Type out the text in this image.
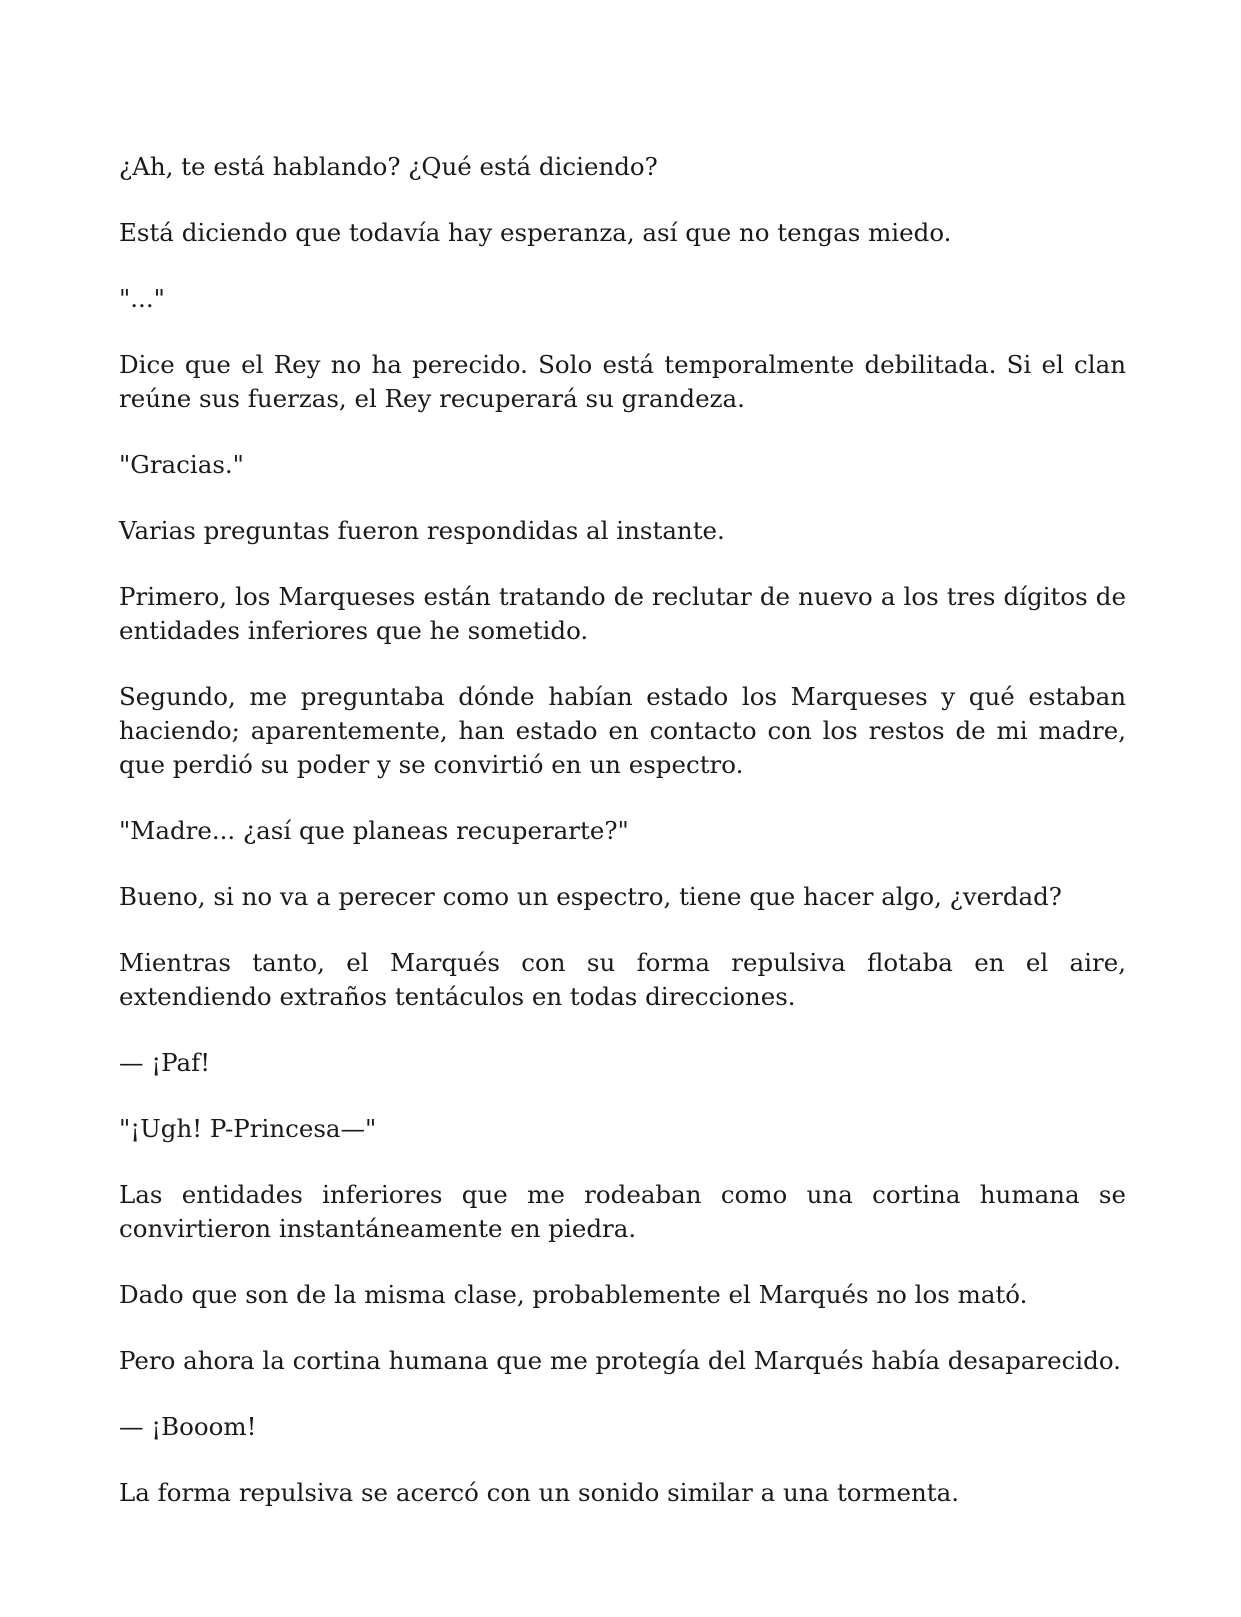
¿Ah, te está hablando? ¿Qué está diciendo?

Está diciendo que todavía hay esperanza, así que no tengas miedo.

"..."

Dice que el Rey no ha perecido. Solo está temporalmente debilitada. Si el clan reúne sus fuerzas, el Rey recuperará su grandeza.

"Gracias."

Varias preguntas fueron respondidas al instante.

Primero, los Marqueses están tratando de reclutar de nuevo a los tres dígitos de entidades inferiores que he sometido.

Segundo, me preguntaba dónde habían estado los Marqueses y qué estaban haciendo; aparentemente, han estado en contacto con los restos de mi madre, que perdió su poder y se convirtió en un espectro.

"Madre... ¿así que planeas recuperarte?"

Bueno, si no va a perecer como un espectro, tiene que hacer algo, ¿verdad?

Mientras tanto, el Marqués con su forma repulsiva flotaba en el aire, extendiendo extraños tentáculos en todas direcciones.

— ¡Paf!

"¡Ugh! P-Princesa—"

Las entidades inferiores que me rodeaban como una cortina humana se convirtieron instantáneamente en piedra.

Dado que son de la misma clase, probablemente el Marqués no los mató.

Pero ahora la cortina humana que me protegía del Marqués había desaparecido.

— ¡Booom!

La forma repulsiva se acercó con un sonido similar a una tormenta.
